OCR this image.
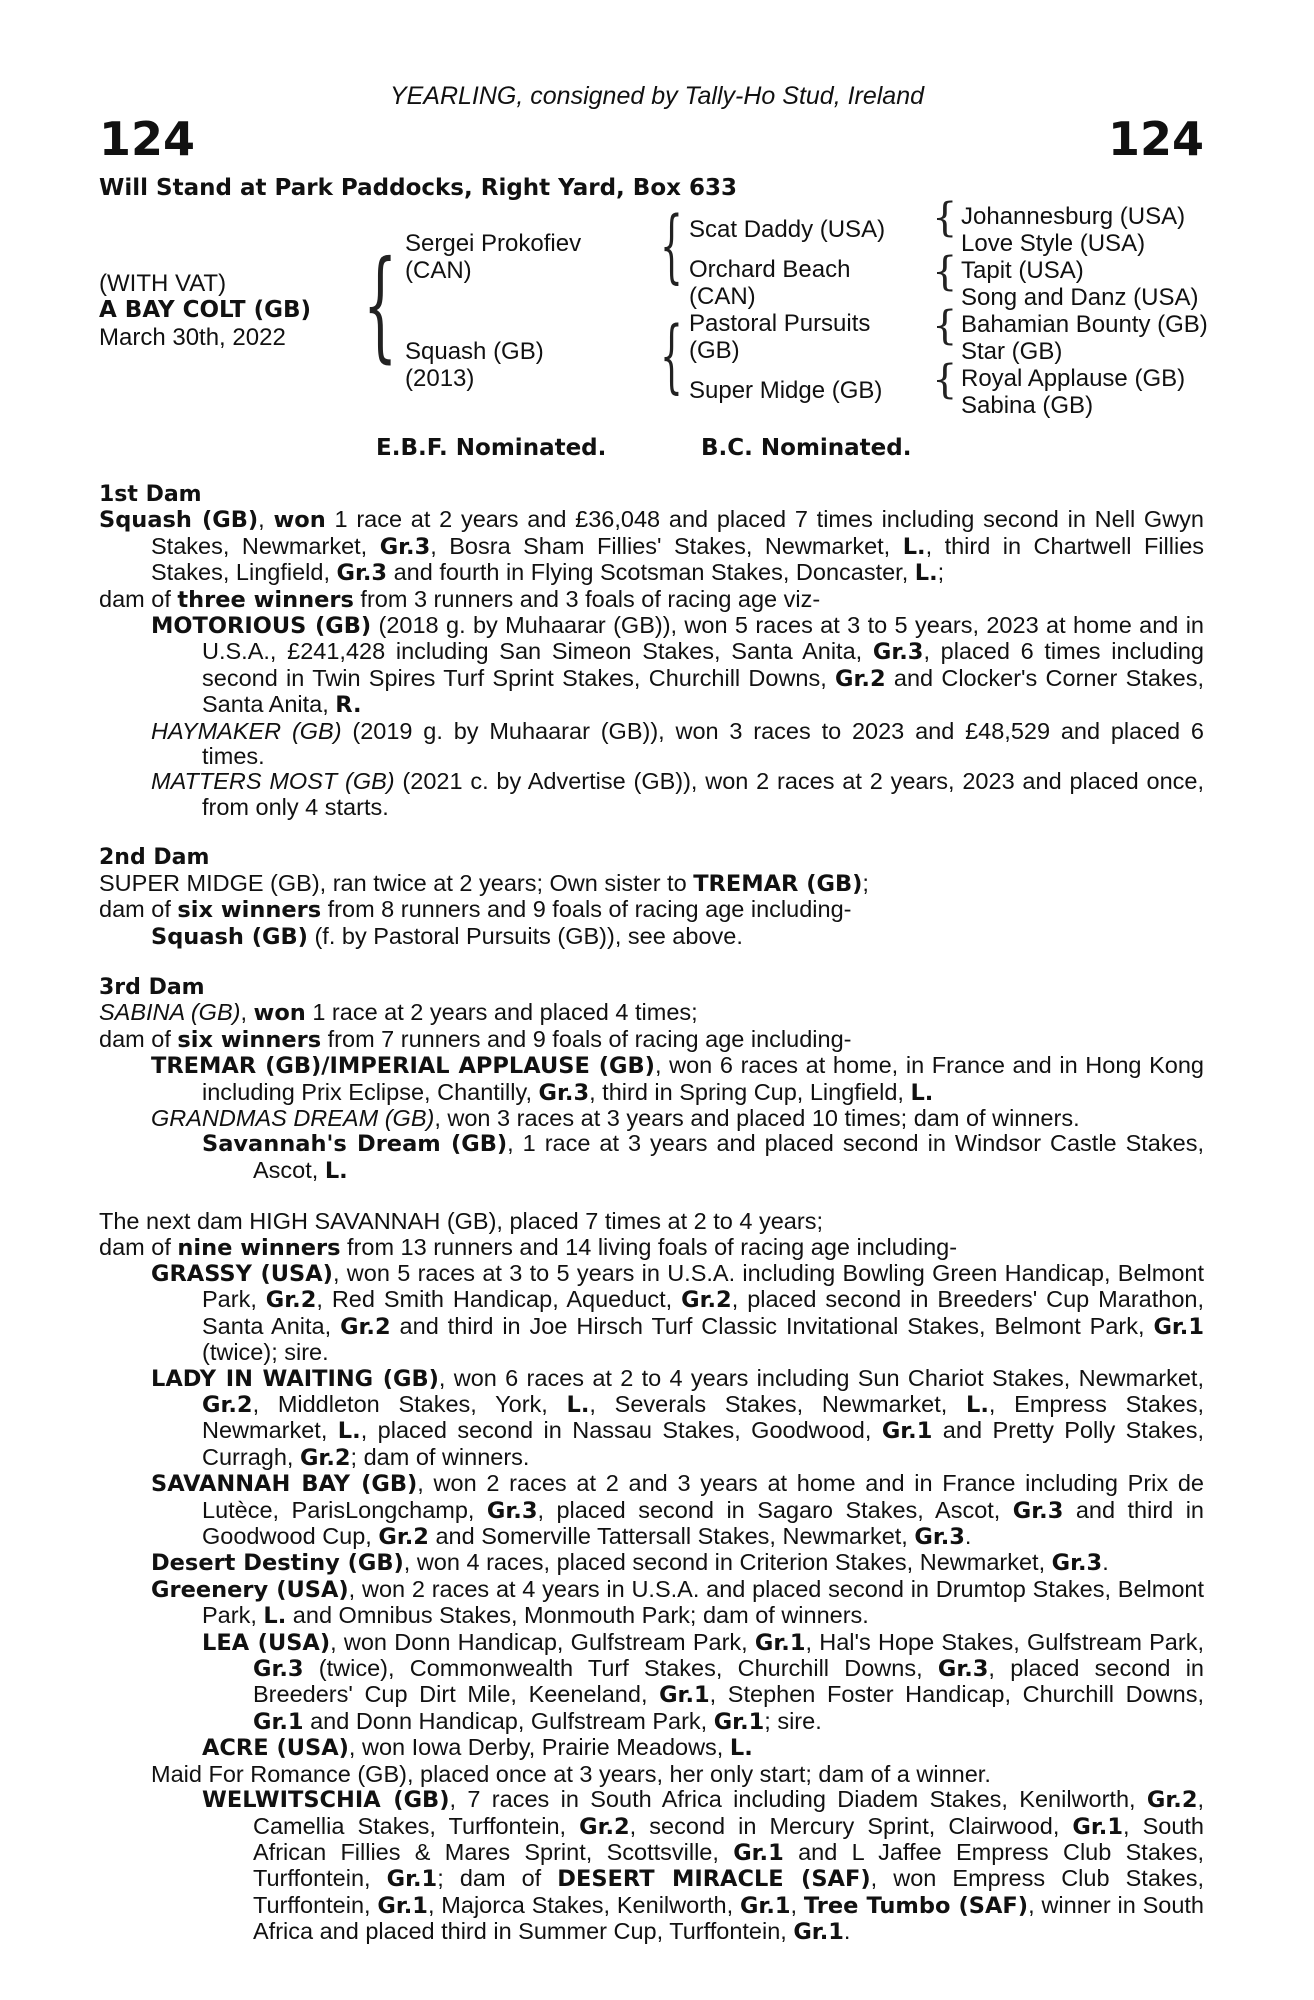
YEARLING, consigned by Tally-Ho Stud, Ireland
124	124
Will Stand at Park Paddocks, Right Yard, Box 633
(WITH VAT)
A BAY COLT (GB)
March 30th, 2022 { Sergei Prokofiev
(CAN)
Squash (GB)
(2013)
{
{
Scat Daddy (USA)
Orchard Beach
(CAN)
Pastoral Pursuits
(GB)
Super Midge (GB)
{
{
{
{
Johannesburg (USA)
Love Style (USA)
Tapit (USA)
Song and Danz (USA)
Bahamian Bounty (GB)
Star (GB)
Royal Applause (GB)
Sabina (GB)
E.B.F. Nominated.	B.C. Nominated.
1st Dam
Squash (GB), won 1 race at 2 years and £36,048 and placed 7 times including second in Nell Gwyn Stakes, Newmarket, Gr.3, Bosra Sham Fillies' Stakes, Newmarket, L., third in Chartwell Fillies Stakes, Lingfield, Gr.3 and fourth in Flying Scotsman Stakes, Doncaster, L.;
dam of three winners from 3 runners and 3 foals of racing age viz-
MOTORIOUS (GB) (2018 g. by Muhaarar (GB)), won 5 races at 3 to 5 years, 2023 at home and in U.S.A., £241,428 including San Simeon Stakes, Santa Anita, Gr.3, placed 6 times including second in Twin Spires Turf Sprint Stakes, Churchill Downs, Gr.2 and Clocker's Corner Stakes, Santa Anita, R.
HAYMAKER (GB) (2019 g. by Muhaarar (GB)), won 3 races to 2023 and £48,529 and placed 6 times.
MATTERS MOST (GB) (2021 c. by Advertise (GB)), won 2 races at 2 years, 2023 and placed once, from only 4 starts.
2nd Dam
SUPER MIDGE (GB), ran twice at 2 years; Own sister to TREMAR (GB);
dam of six winners from 8 runners and 9 foals of racing age including-
Squash (GB) (f. by Pastoral Pursuits (GB)), see above.
3rd Dam
SABINA (GB), won 1 race at 2 years and placed 4 times;
dam of six winners from 7 runners and 9 foals of racing age including-
TREMAR (GB)/IMPERIAL APPLAUSE (GB), won 6 races at home, in France and in Hong Kong including Prix Eclipse, Chantilly, Gr.3, third in Spring Cup, Lingfield, L.
GRANDMAS DREAM (GB), won 3 races at 3 years and placed 10 times; dam of winners.
Savannah's Dream (GB), 1 race at 3 years and placed second in Windsor Castle Stakes, Ascot, L.
The next dam HIGH SAVANNAH (GB), placed 7 times at 2 to 4 years;
dam of nine winners from 13 runners and 14 living foals of racing age including-
GRASSY (USA), won 5 races at 3 to 5 years in U.S.A. including Bowling Green Handicap, Belmont Park, Gr.2, Red Smith Handicap, Aqueduct, Gr.2, placed second in Breeders' Cup Marathon, Santa Anita, Gr.2 and third in Joe Hirsch Turf Classic Invitational Stakes, Belmont Park, Gr.1 (twice); sire.
LADY IN WAITING (GB), won 6 races at 2 to 4 years including Sun Chariot Stakes, Newmarket, Gr.2, Middleton Stakes, York, L., Severals Stakes, Newmarket, L., Empress Stakes, Newmarket, L., placed second in Nassau Stakes, Goodwood, Gr.1 and Pretty Polly Stakes, Curragh, Gr.2; dam of winners.
SAVANNAH BAY (GB), won 2 races at 2 and 3 years at home and in France including Prix de Lutèce, ParisLongchamp, Gr.3, placed second in Sagaro Stakes, Ascot, Gr.3 and third in Goodwood Cup, Gr.2 and Somerville Tattersall Stakes, Newmarket, Gr.3.
Desert Destiny (GB), won 4 races, placed second in Criterion Stakes, Newmarket, Gr.3.
Greenery (USA), won 2 races at 4 years in U.S.A. and placed second in Drumtop Stakes, Belmont Park, L. and Omnibus Stakes, Monmouth Park; dam of winners.
LEA (USA), won Donn Handicap, Gulfstream Park, Gr.1, Hal's Hope Stakes, Gulfstream Park, Gr.3 (twice), Commonwealth Turf Stakes, Churchill Downs, Gr.3, placed second in Breeders' Cup Dirt Mile, Keeneland, Gr.1, Stephen Foster Handicap, Churchill Downs, Gr.1 and Donn Handicap, Gulfstream Park, Gr.1; sire.
ACRE (USA), won Iowa Derby, Prairie Meadows, L.
Maid For Romance (GB), placed once at 3 years, her only start; dam of a winner.
WELWITSCHIA (GB), 7 races in South Africa including Diadem Stakes, Kenilworth, Gr.2, Camellia Stakes, Turffontein, Gr.2, second in Mercury Sprint, Clairwood, Gr.1, South African Fillies & Mares Sprint, Scottsville, Gr.1 and L Jaffee Empress Club Stakes, Turffontein, Gr.1; dam of DESERT MIRACLE (SAF), won Empress Club Stakes, Turffontein, Gr.1, Majorca Stakes, Kenilworth, Gr.1, Tree Tumbo (SAF), winner in South Africa and placed third in Summer Cup, Turffontein, Gr.1.
